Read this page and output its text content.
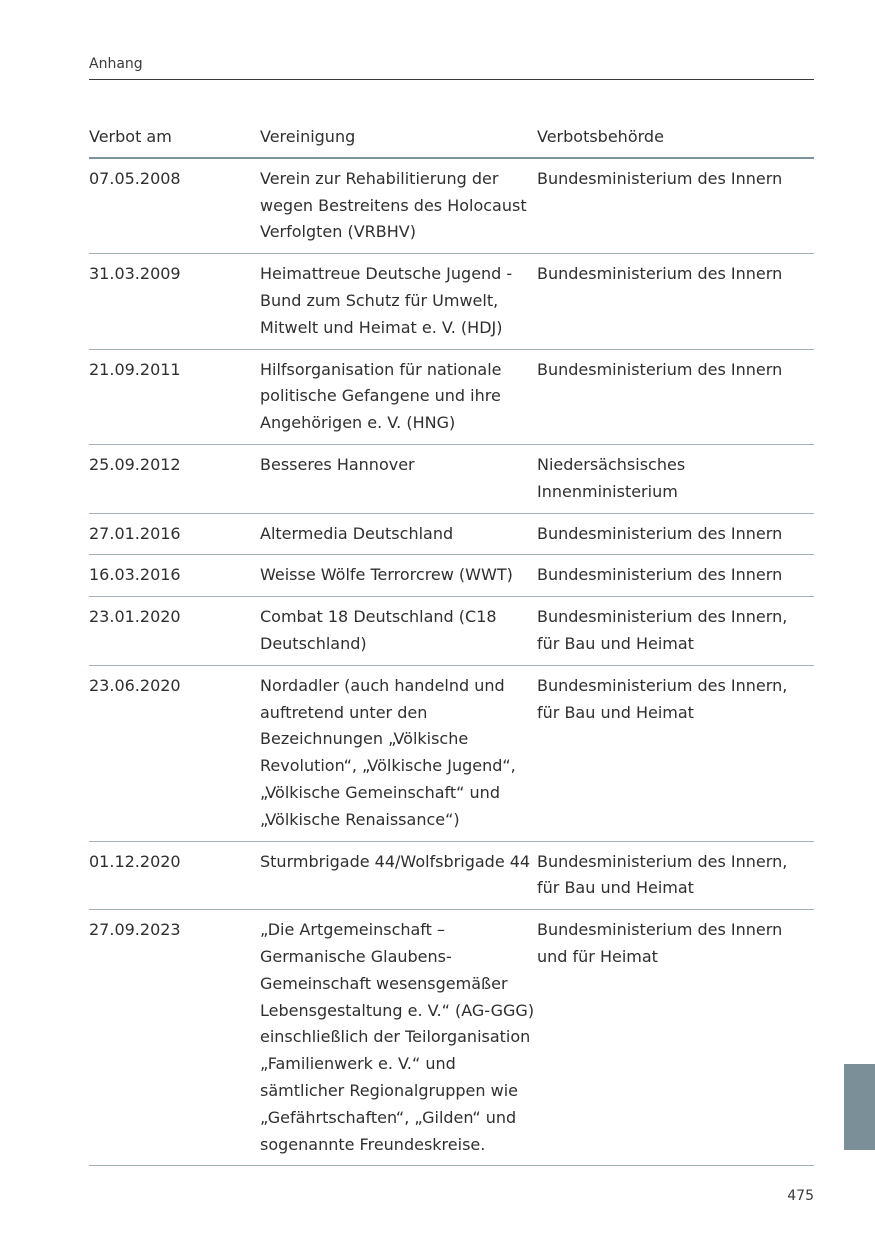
Anhang
Verbot am	Vereinigung	Verbotsbehörde
07.05.2008	Verein zur Rehabilitierung der wegen Bestreitens des Holocaust Verfolgten (VRBHV)	Bundesministerium des Innern
31.03.2009	Heimattreue Deutsche Jugend - Bund zum Schutz für Umwelt, Mitwelt und Heimat e. V. (HDJ)	Bundesministerium des Innern
21.09.2011	Hilfsorganisation für nationale politische Gefangene und ihre Angehörigen e. V. (HNG)	Bundesministerium des Innern
25.09.2012	Besseres Hannover	Niedersächsisches Innenministerium
27.01.2016	Altermedia Deutschland	Bundesministerium des Innern
16.03.2016	Weisse Wölfe Terrorcrew (WWT)	Bundesministerium des Innern
23.01.2020	Combat 18 Deutschland (C18 Deutschland)	Bundesministerium des Innern, für Bau und Heimat
23.06.2020	Nordadler (auch handelnd und auftretend unter den Bezeichnungen „Völkische Revolution“, „Völkische Jugend“, „Völkische Gemeinschaft“ und „Völkische Renaissance“)	Bundesministerium des Innern, für Bau und Heimat
01.12.2020	Sturmbrigade 44/Wolfsbrigade 44	Bundesministerium des Innern, für Bau und Heimat
27.09.2023	„Die Artgemeinschaft – Germanische Glaubens-Gemeinschaft wesensgemäßer Lebensgestaltung e. V.“ (AG-GGG) einschließlich der Teilorganisation „Familienwerk e. V.“ und sämtlicher Regionalgruppen wie „Gefährtschaften“, „Gilden“ und sogenannte Freundeskreise.	Bundesministerium des Innern und für Heimat
475
